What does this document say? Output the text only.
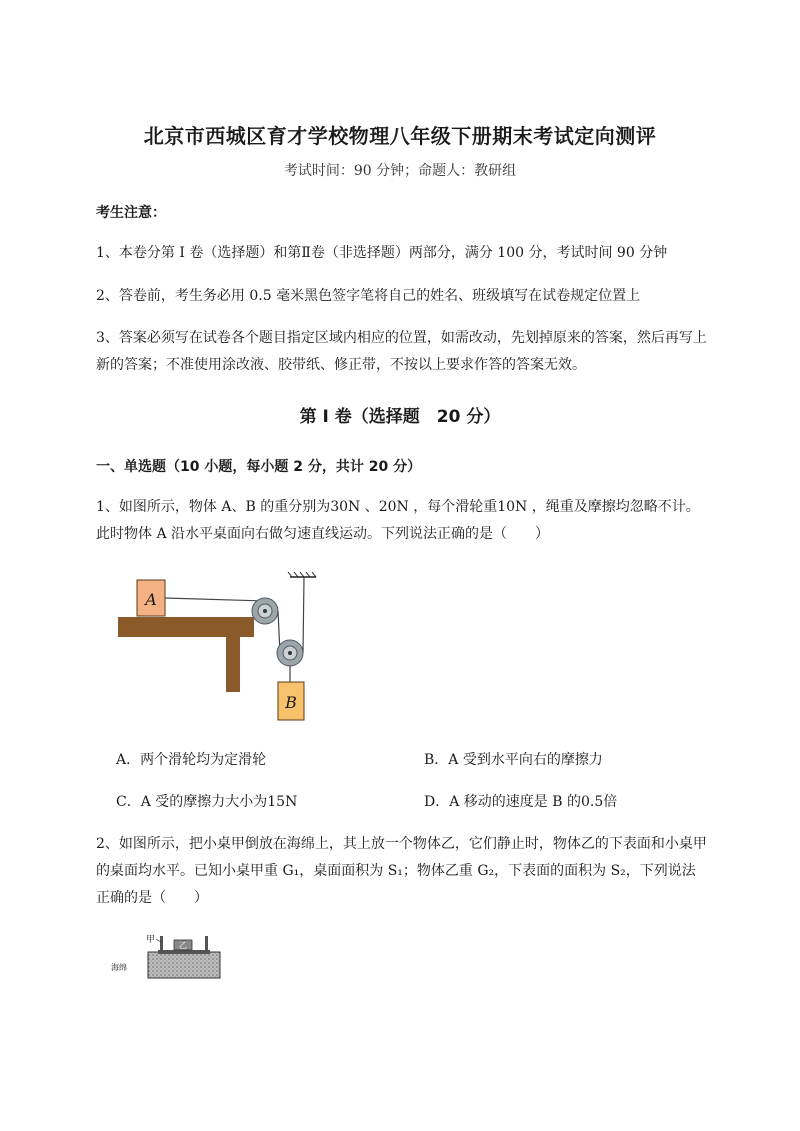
北京市西城区育才学校物理八年级下册期末考试定向测评
考试时间：90 分钟；命题人：教研组
考生注意：
1、本卷分第 I 卷（选择题）和第Ⅱ卷（非选择题）两部分，满分 100 分，考试时间 90 分钟
2、答卷前，考生务必用 0.5 毫米黑色签字笔将自己的姓名、班级填写在试卷规定位置上
3、答案必须写在试卷各个题目指定区域内相应的位置，如需改动，先划掉原来的答案，然后再写上新的答案；不准使用涂改液、胶带纸、修正带，不按以上要求作答的答案无效。
第 I 卷（选择题　20 分）
一、单选题（10 小题，每小题 2 分，共计 20 分）
1、如图所示，物体 A、B 的重分别为30N 、20N ，每个滑轮重10N ，绳重及摩擦均忽略不计。此时物体 A 沿水平桌面向右做匀速直线运动。下列说法正确的是（　　）
A
B
A．两个滑轮均为定滑轮	B．A 受到水平向右的摩擦力
C．A 受的摩擦力大小为15N	D．A 移动的速度是 B 的0.5倍
2、如图所示，把小桌甲倒放在海绵上，其上放一个物体乙，它们静止时，物体乙的下表面和小桌甲的桌面均水平。已知小桌甲重 G₁，桌面面积为 S₁；物体乙重 G₂，下表面的面积为 S₂，下列说法正确的是（　　）
乙
甲
海绵
